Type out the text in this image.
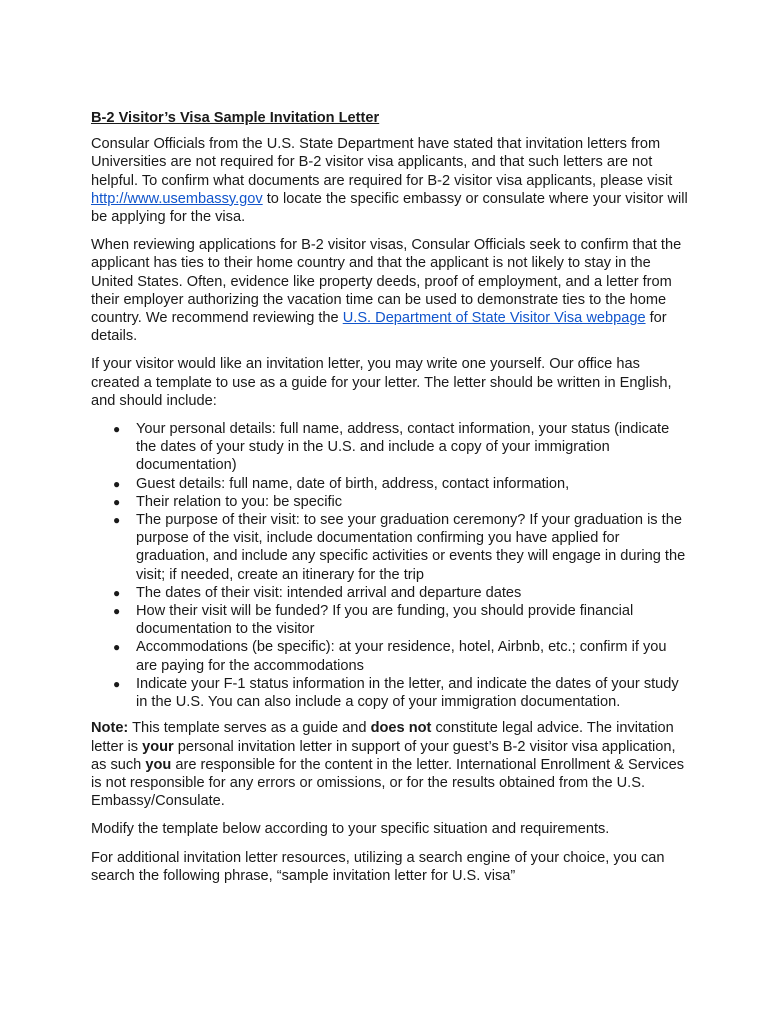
B-2 Visitor’s Visa Sample Invitation Letter

Consular Officials from the U.S. State Department have stated that invitation letters from Universities are not required for B-2 visitor visa applicants, and that such letters are not helpful. To confirm what documents are required for B-2 visitor visa applicants, please visit http://www.usembassy.gov to locate the specific embassy or consulate where your visitor will be applying for the visa.

When reviewing applications for B-2 visitor visas, Consular Officials seek to confirm that the applicant has ties to their home country and that the applicant is not likely to stay in the United States. Often, evidence like property deeds, proof of employment, and a letter from their employer authorizing the vacation time can be used to demonstrate ties to the home country. We recommend reviewing the U.S. Department of State Visitor Visa webpage for details.

If your visitor would like an invitation letter, you may write one yourself. Our office has created a template to use as a guide for your letter. The letter should be written in English, and should include:

● Your personal details: full name, address, contact information, your status (indicate the dates of your study in the U.S. and include a copy of your immigration documentation)
● Guest details: full name, date of birth, address, contact information,
● Their relation to you: be specific
● The purpose of their visit: to see your graduation ceremony? If your graduation is the purpose of the visit, include documentation confirming you have applied for graduation, and include any specific activities or events they will engage in during the visit; if needed, create an itinerary for the trip
● The dates of their visit: intended arrival and departure dates
● How their visit will be funded? If you are funding, you should provide financial documentation to the visitor
● Accommodations (be specific): at your residence, hotel, Airbnb, etc.; confirm if you are paying for the accommodations
● Indicate your F-1 status information in the letter, and indicate the dates of your study in the U.S. You can also include a copy of your immigration documentation.

Note: This template serves as a guide and does not constitute legal advice. The invitation letter is your personal invitation letter in support of your guest’s B-2 visitor visa application, as such you are responsible for the content in the letter. International Enrollment & Services is not responsible for any errors or omissions, or for the results obtained from the U.S. Embassy/Consulate.

Modify the template below according to your specific situation and requirements.

For additional invitation letter resources, utilizing a search engine of your choice, you can search the following phrase, “sample invitation letter for U.S. visa”
